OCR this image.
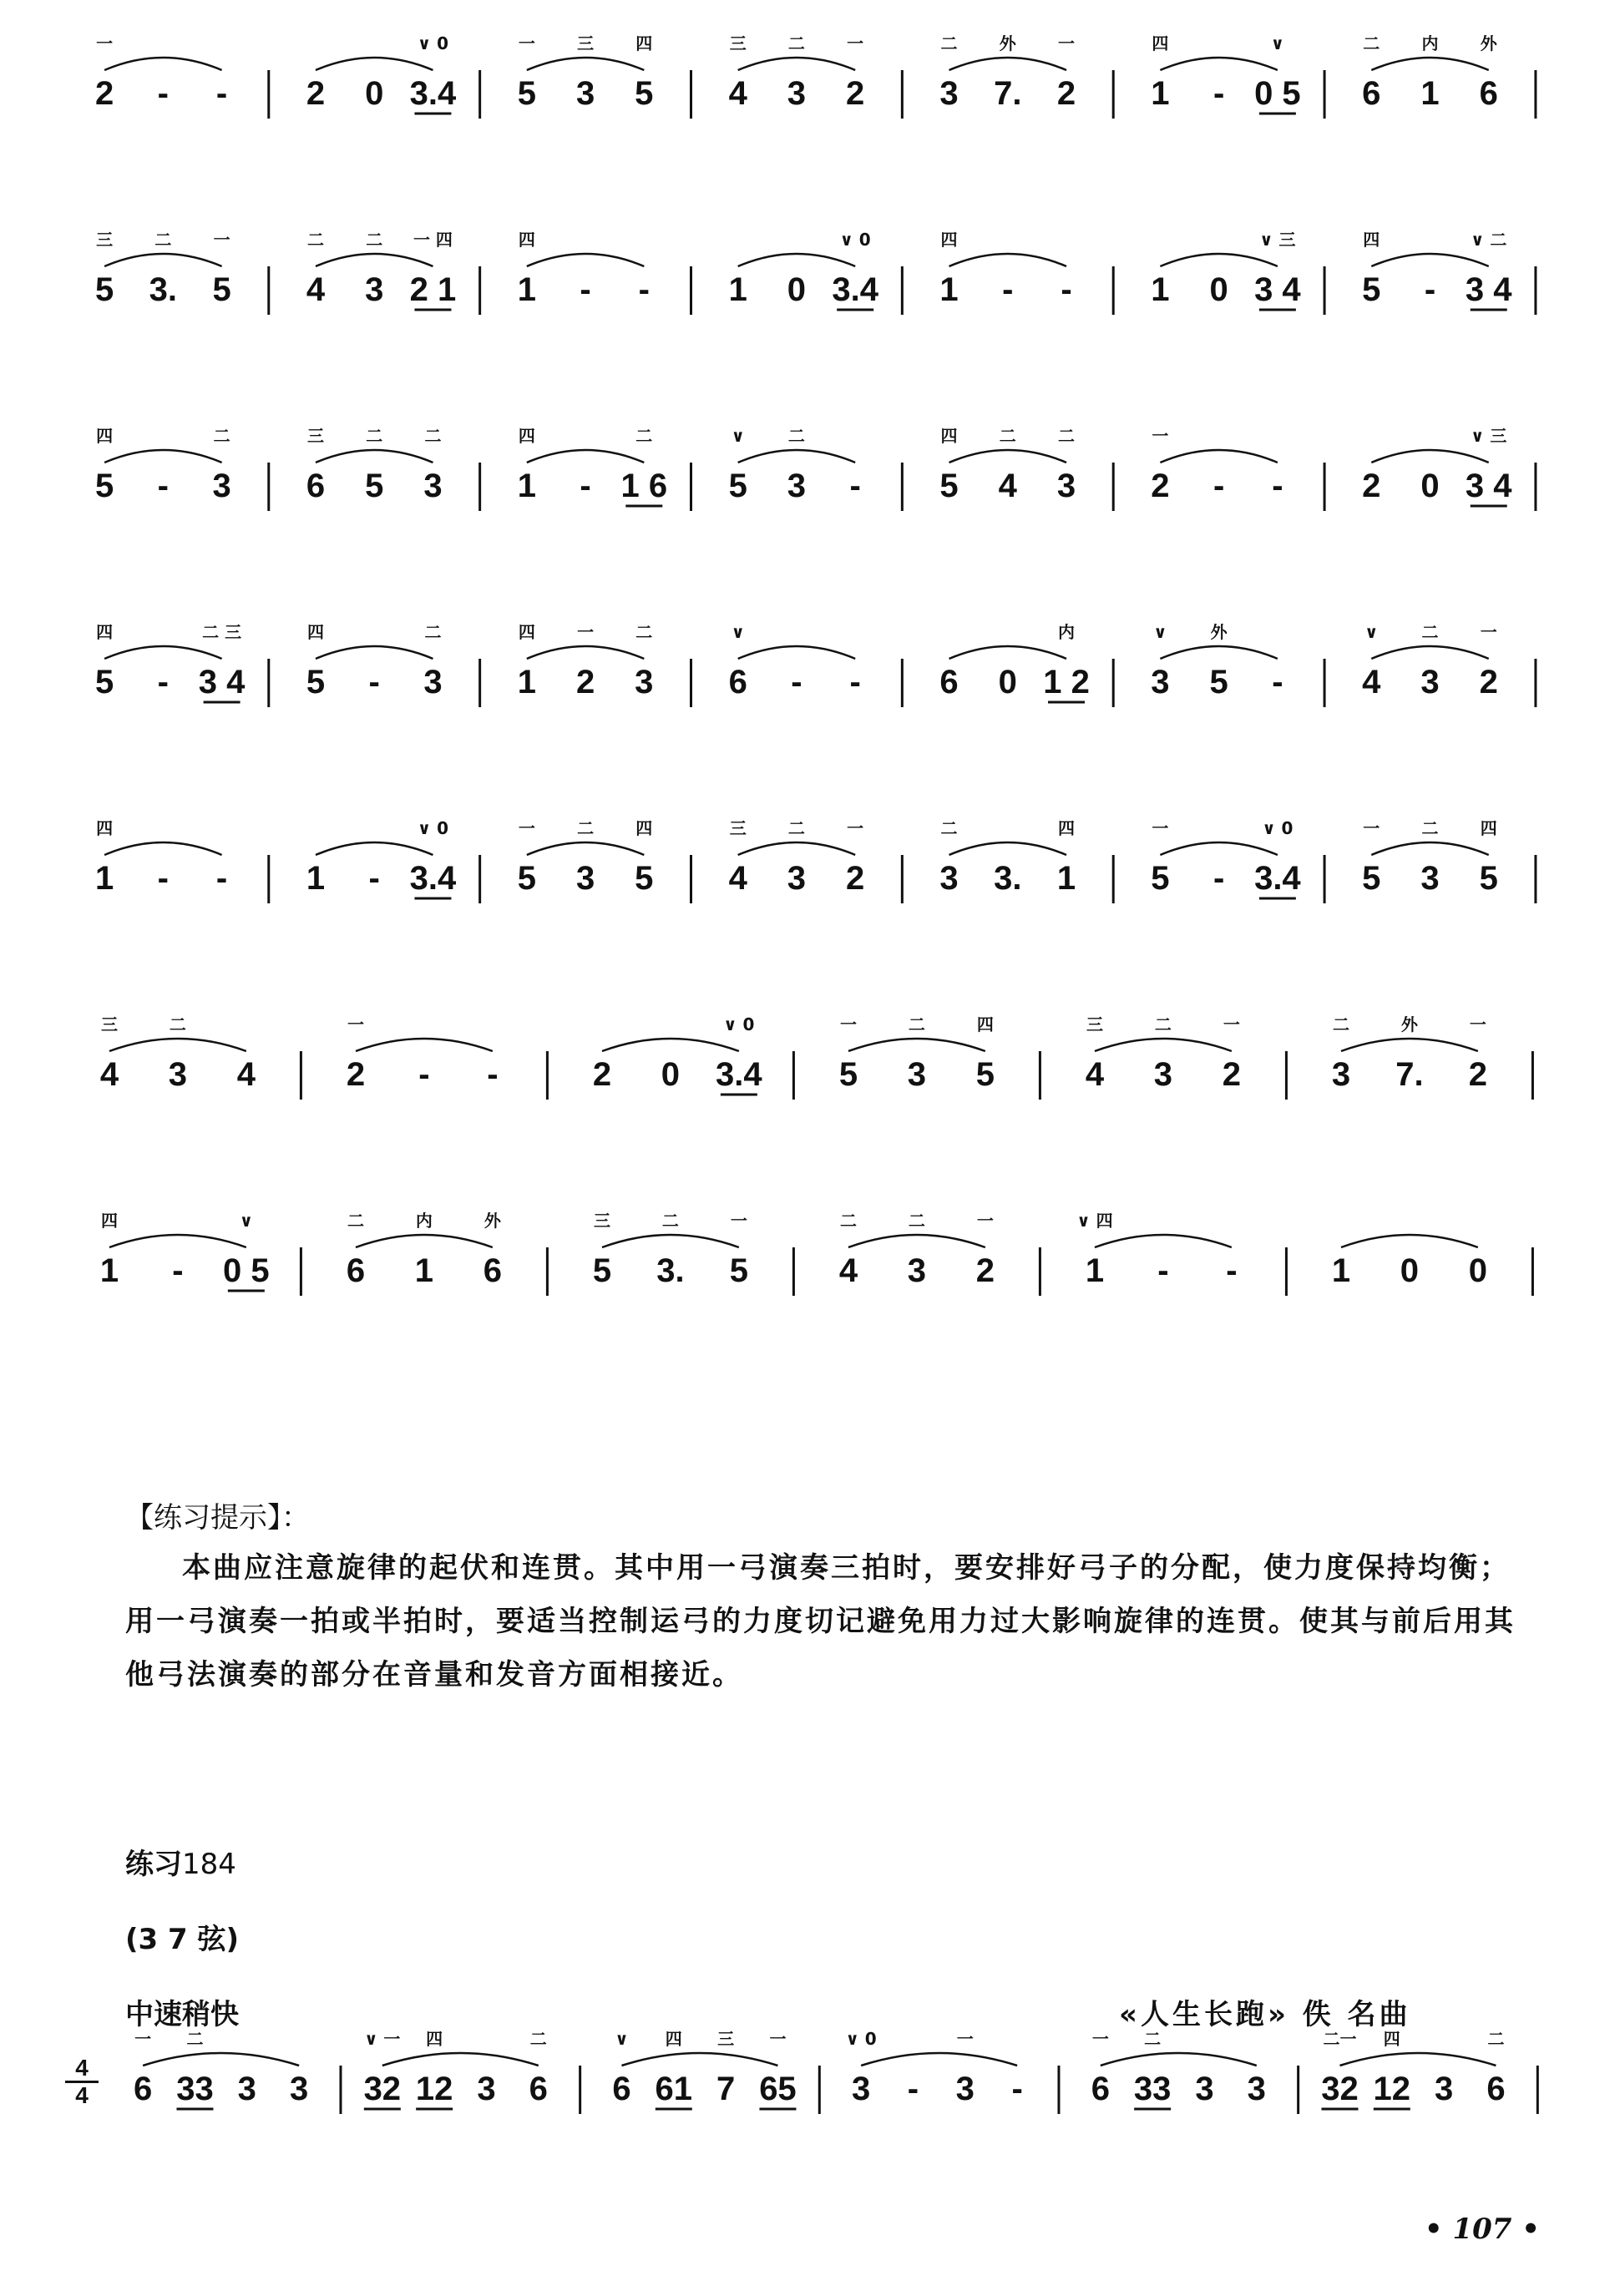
2
一
- - 2 0 3.4
∨ 0
5
一
3
三
5
四
4
三
3
二
2
一
3
二
7.
外
2
一
1
四
- 0 5
∨
6
二
1
内
6
外
5
三
3.
二
5
一
4
二
3
二
2 1
一 四
1
四
- - 1 0 3.4
∨ 0
1
四
- - 1 0 3 4
∨ 三
5
四
- 3 4
∨ 二
5
四
- 3
二
6
三
5
二
3
二
1
四
- 1 6
二
5
∨
3
二
- 5
四
4
二
3
二
2
一
- - 2 0 3 4
∨ 三
5
四
- 3 4
二 三
5
四
- 3
二
1
四
2
一
3
二
6
∨
- - 6 0 1 2
内
3
∨
5
外
- 4
∨
3
二
2
一
1
四
- - 1 - 3.4
∨ 0
5
一
3
二
5
四
4
三
3
二
2
一
3
二
3. 1
四
5
一
- 3.4
∨ 0
5
一
3
二
5
四
4
三
3
二
4	2
一
- -	2 0 3.4
∨ 0
5
一
3
二
5
四
4
三
3
二
2
一
3
二
7.
外
2
一
1
四
- 0 5
∨
6
二
1
内
6
外
5
三
3.
二
5
一
4
二
3
二
2
一
1
∨ 四
- -	1 0 0
【练习提示】：
本曲应注意旋律的起伏和连贯。其中用一弓演奏三拍时，要安排好弓子的分配，使力度保持均衡；用一弓演奏一拍或半拍时，要适当控制运弓的力度切记避免用力过大影响旋律的连贯。使其与前后用其他弓法演奏的部分在音量和发音方面相接近。
练习184
(3 7 弦)
中速稍快	«人生长跑» 佚 名曲
4
4	6
一
33
二
3 3 32
∨ 一
12
四
3 6
二
6
∨
61
四
7
三
65
一
3
∨ 0
- 3
一
- 6
一
33
二
3 3 32
二一
12
四
3 6
二
• 107 •
